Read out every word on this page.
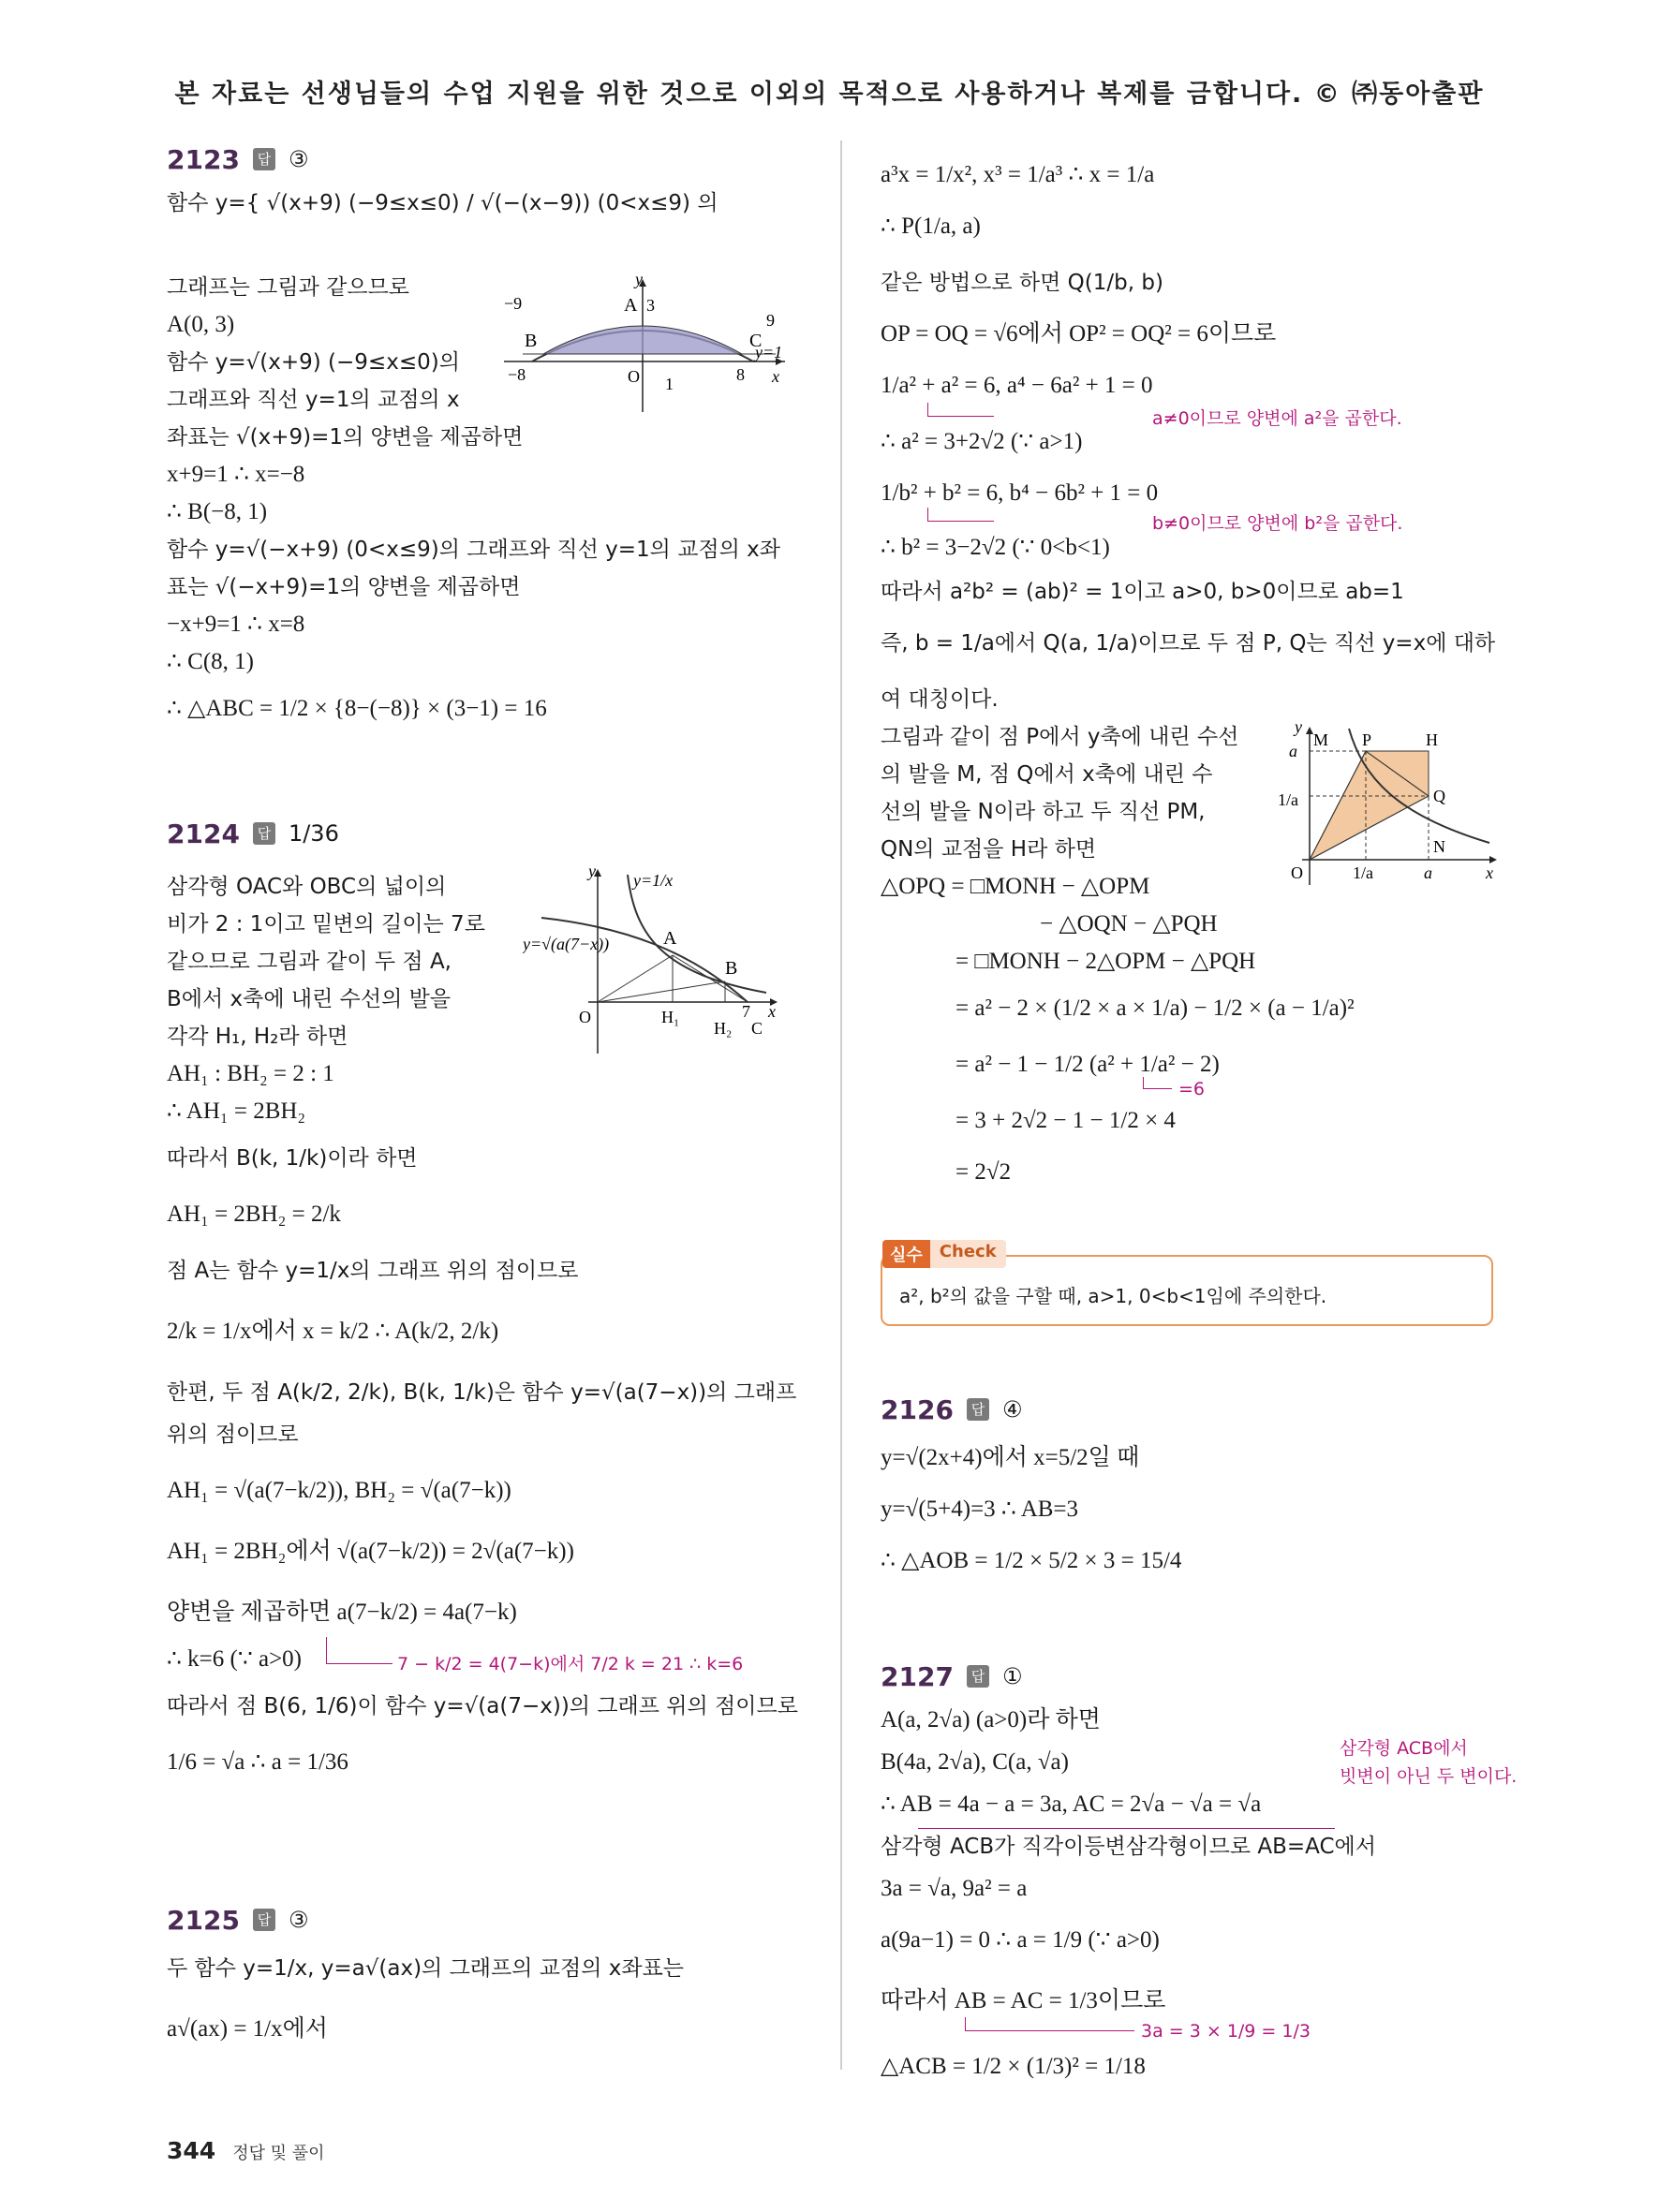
본 자료는 선생님들의 수업 지원을 위한 것으로 이외의 목적으로 사용하거나 복제를 금합니다. © ㈜동아출판
2123	답 ③
함수 y={ √(x+9) (−9≤x≤0) / √(−(x−9)) (0<x≤9) 의
그래프는 그림과 같으므로
A(0, 3)
함수 y=√(x+9) (−9≤x≤0)의
그래프와 직선 y=1의 교점의 x
좌표는 √(x+9)=1의 양변을 제곱하면
x+9=1 ∴ x=−8
∴ B(−8, 1)
함수 y=√(−x+9) (0<x≤9)의 그래프와 직선 y=1의 교점의 x좌
표는 √(−x+9)=1의 양변을 제곱하면
−x+9=1 ∴ x=8
∴ C(8, 1)
∴ △ABC = 1/2 × {8−(−8)} × (3−1) = 16
y
x
O
A 3
B	C
−9
9
−8	8
1
y=1
2124	답 1/36
삼각형 OAC와 OBC의 넓이의
비가 2 : 1이고 밑변의 길이는 7로
같으므로 그림과 같이 두 점 A,
B에서 x축에 내린 수선의 발을
각각 H₁, H₂라 하면
AH₁ : BH₂ = 2 : 1
∴ AH₁ = 2BH₂
따라서 B(k, 1/k)이라 하면
AH₁ = 2BH₂ = 2/k
점 A는 함수 y=1/x의 그래프 위의 점이므로
2/k = 1/x에서 x = k/2 ∴ A(k/2, 2/k)
한편, 두 점 A(k/2, 2/k), B(k, 1/k)은 함수 y=√(a(7−x))의 그래프
위의 점이므로
AH₁ = √(a(7−k/2)), BH₂ = √(a(7−k))
AH₁ = 2BH₂에서 √(a(7−k/2)) = 2√(a(7−k))
양변을 제곱하면 a(7−k/2) = 4a(7−k)
∴ k=6 (∵ a>0)	7 − k/2 = 4(7−k)에서 7/2 k = 21 ∴ k=6
따라서 점 B(6, 1/6)이 함수 y=√(a(7−x))의 그래프 위의 점이므로
1/6 = √a ∴ a = 1/36
y y=1/x
y=√(a(7−x))	A
B
O	H₁
H₂
7
C
x
2125	답 ③
두 함수 y=1/x, y=a√(ax)의 그래프의 교점의 x좌표는
a√(ax) = 1/x에서
a³x = 1/x², x³ = 1/a³ ∴ x = 1/a
∴ P(1/a, a)
같은 방법으로 하면 Q(1/b, b)
OP = OQ = √6에서 OP² = OQ² = 6이므로
1/a² + a² = 6, a⁴ − 6a² + 1 = 0
a≠0이므로 양변에 a²을 곱한다.
∴ a² = 3+2√2 (∵ a>1)
1/b² + b² = 6, b⁴ − 6b² + 1 = 0
b≠0이므로 양변에 b²을 곱한다.
∴ b² = 3−2√2 (∵ 0<b<1)
따라서 a²b² = (ab)² = 1이고 a>0, b>0이므로 ab=1
즉, b = 1/a에서 Q(a, 1/a)이므로 두 점 P, Q는 직선 y=x에 대하
여 대칭이다.
그림과 같이 점 P에서 y축에 내린 수선
의 발을 M, 점 Q에서 x축에 내린 수
선의 발을 N이라 하고 두 직선 PM,
QN의 교점을 H라 하면
△OPQ = □MONH − △OPM
− △OQN − △PQH
= □MONH − 2△OPM − △PQH
= a² − 2 × (1/2 × a × 1/a) − 1/2 × (a − 1/a)²
= a² − 1 − 1/2 (a² + 1/a² − 2)
=6
= 3 + 2√2 − 1 − 1/2 × 4
= 2√2
y
M P	H
a
1/a	Q
N
O	1/a	a	x
실수	Check
a², b²의 값을 구할 때, a>1, 0<b<1임에 주의한다.
2126	답 ④
y=√(2x+4)에서 x=5/2일 때
y=√(5+4)=3 ∴ AB=3
∴ △AOB = 1/2 × 5/2 × 3 = 15/4
2127	답 ①
A(a, 2√a) (a>0)라 하면
B(4a, 2√a), C(a, √a)
∴ AB = 4a − a = 3a, AC = 2√a − √a = √a
삼각형 ACB에서
빗변이 아닌 두 변이다.
삼각형 ACB가 직각이등변삼각형이므로 AB=AC에서
3a = √a, 9a² = a
a(9a−1) = 0 ∴ a = 1/9 (∵ a>0)
따라서 AB = AC = 1/3이므로
3a = 3 × 1/9 = 1/3
△ACB = 1/2 × (1/3)² = 1/18
344 정답 및 풀이
